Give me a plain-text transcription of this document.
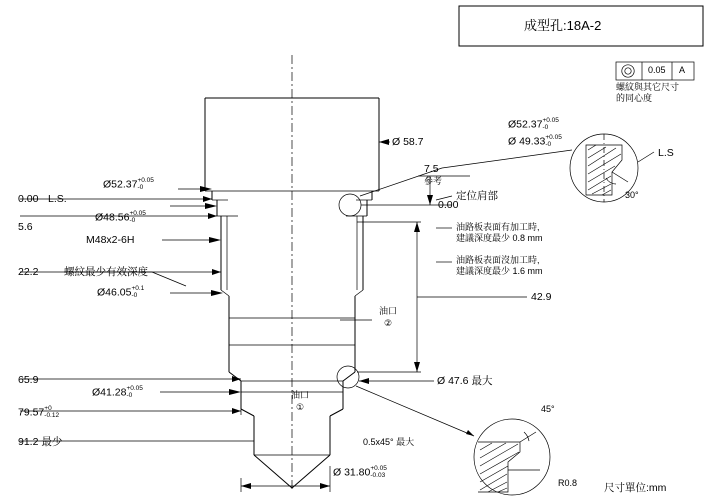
成型孔:18A-2
0.05 A
螺紋與其它尺寸
的同心度
0.00 L.S.
5.6
22.2
65.9
79.57 +0
-0.12
91.2 最少
Ø52.37 +0.05
-0
Ø48.56 +0.05
-0
M48x2-6H
螺紋最少有效深度
Ø46.05 +0.1
-0
Ø41.28 +0.05
-0
Ø 58.7
Ø 47.6 最大
Ø 31.80 +0.05
-0.03
7.5
參考
定位肩部
0.00
油路板表面有加工時,
建議深度最少 0.8 mm
油路板表面沒加工時,
建議深度最少 1.6 mm
油口
②
42.9
油口
①
0.5x45° 最大
Ø52.37 +0.05
-0
Ø 49.33 +0.05
-0
L.S
30°
45°
R0.8	尺寸單位:mm
